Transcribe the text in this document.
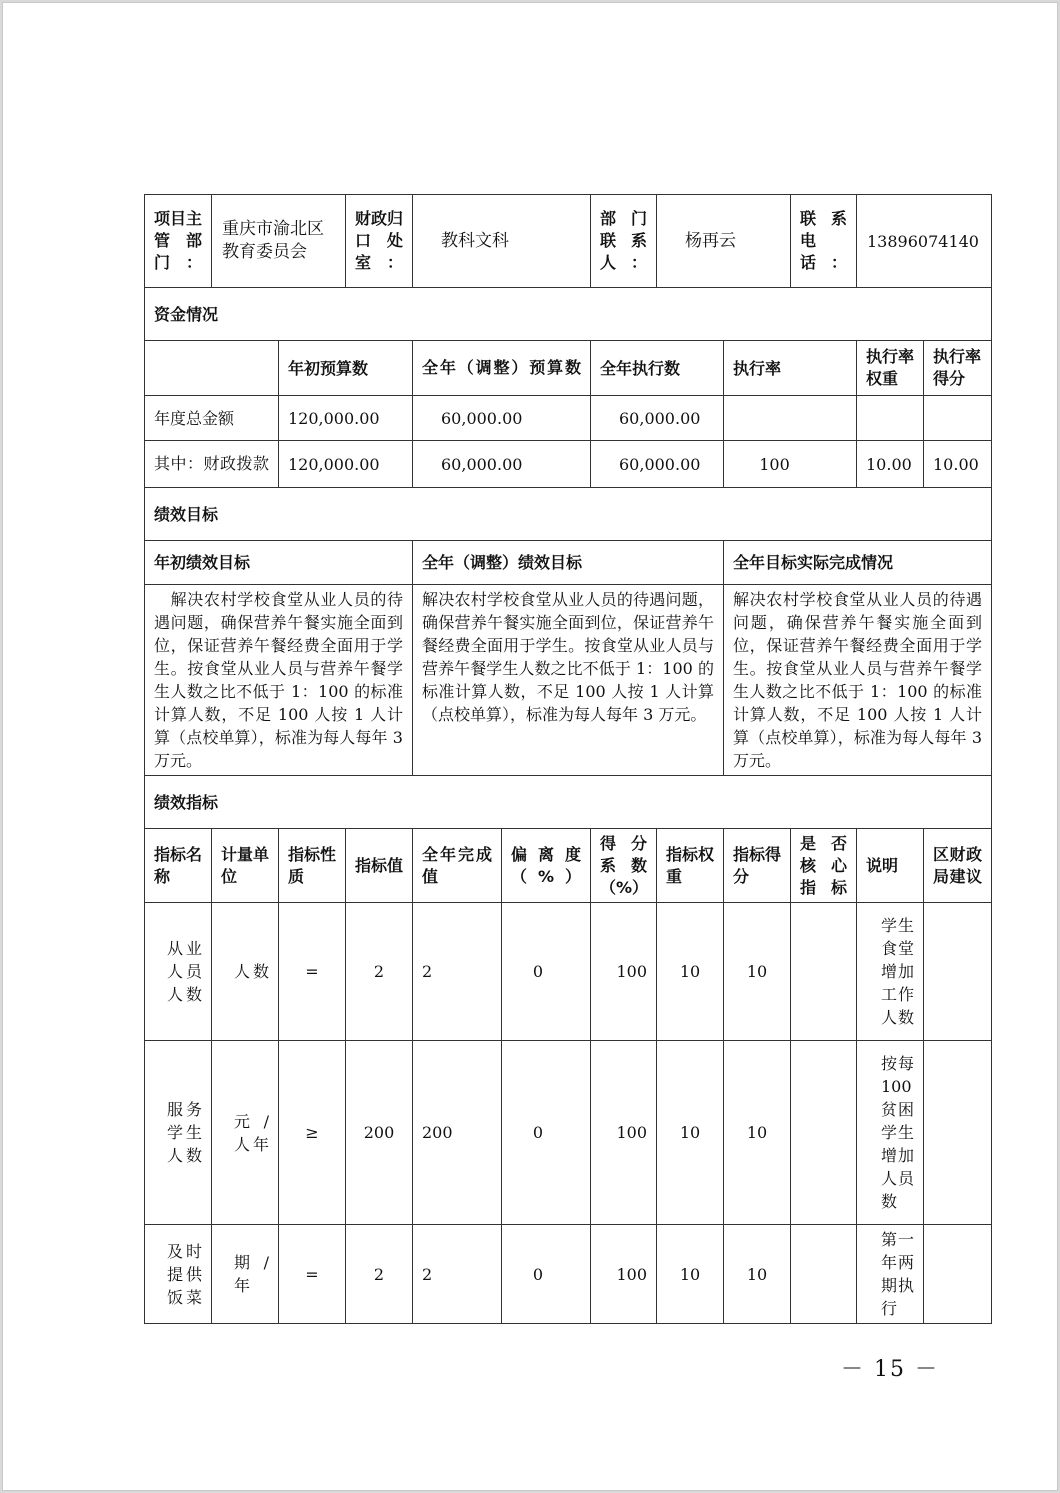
项目主管部门：	重庆市渝北区教育委员会		财政归口处室：	教科文科		部门联系人：	杨再云		联系电话：	13896074140	
资金情况											
		年初预算数		全年（调整）预算数		全年执行数		执行率		执行率权重	执行率得分
年度总金额		120,000.00		60,000.00		60,000.00					
其中：财政拨款		120,000.00		60,000.00		60,000.00		100		10.00	10.00
绩效目标											
年初绩效目标				全年（调整）绩效目标				全年目标实际完成情况			
　解决农村学校食堂从业人员的待遇问题，确保营养午餐实施全面到位，保证营养午餐经费全面用于学生。按食堂从业人员与营养午餐学生人数之比不低于 1：100 的标准计算人数，不足 100 人按 1 人计算（点校单算），标准为每人每年 3 万元。				解决农村学校食堂从业人员的待遇问题，确保营养午餐实施全面到位，保证营养午餐经费全面用于学生。按食堂从业人员与营养午餐学生人数之比不低于 1：100 的标准计算人数，不足 100 人按 1 人计算（点校单算），标准为每人每年 3 万元。				解决农村学校食堂从业人员的待遇问题，确保营养午餐实施全面到位，保证营养午餐经费全面用于学生。按食堂从业人员与营养午餐学生人数之比不低于 1：100 的标准计算人数，不足 100 人按 1 人计算（点校单算），标准为每人每年 3 万元。			
绩效指标											
指标名称	计量单位	指标性质	指标值	全年完成值	偏离度（%）	得分系数（%）	指标权重	指标得分	是否核心指标	说明	区财政局建议
从业人员人数	人数	=	2	2	0	100	10	10		学生食堂增加工作人数	
服务学生人数	元/人年	≥	200	200	0	100	10	10		按每100贫困学生增加人员数	
及时提供饭菜	期/年	=	2	2	0	100	10	10		第一年两期执行	
－ 15 －
